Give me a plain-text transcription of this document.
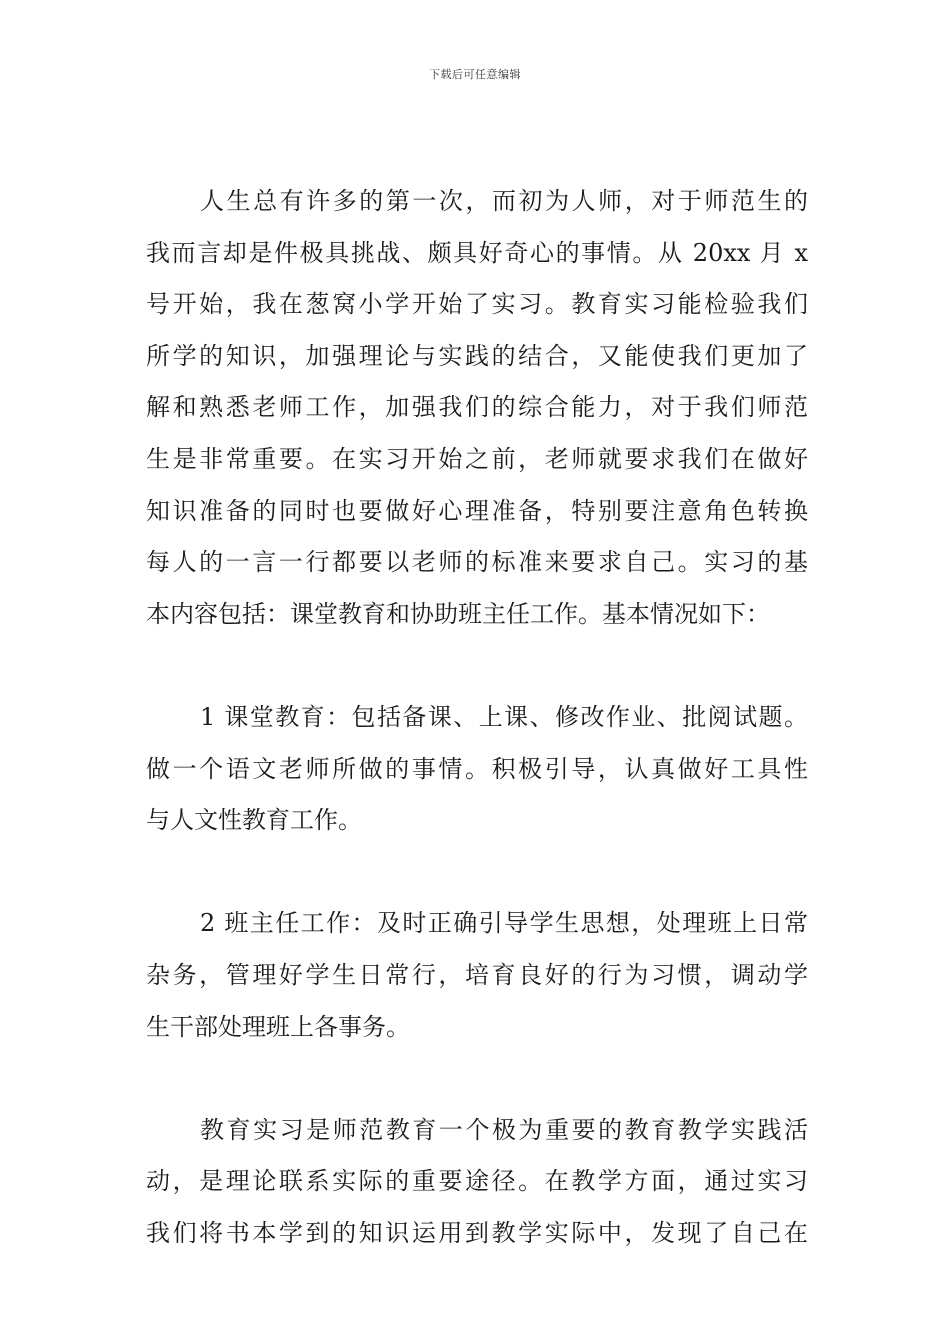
下载后可任意编辑
人生总有许多的第一次，而初为人师，对于师范生的
我而言却是件极具挑战、颇具好奇心的事情。从 20xx 月 x
号开始，我在葱窝小学开始了实习。教育实习能检验我们
所学的知识，加强理论与实践的结合，又能使我们更加了
解和熟悉老师工作，加强我们的综合能力，对于我们师范
生是非常重要。在实习开始之前，老师就要求我们在做好
知识准备的同时也要做好心理准备，特别要注意角色转换
每人的一言一行都要以老师的标准来要求自己。实习的基
本内容包括：课堂教育和协助班主任工作。基本情况如下：
1 课堂教育：包括备课、上课、修改作业、批阅试题。
做一个语文老师所做的事情。积极引导，认真做好工具性
与人文性教育工作。
2 班主任工作：及时正确引导学生思想，处理班上日常
杂务，管理好学生日常行，培育良好的行为习惯，调动学
生干部处理班上各事务。
教育实习是师范教育一个极为重要的教育教学实践活
动，是理论联系实际的重要途径。在教学方面，通过实习
我们将书本学到的知识运用到教学实际中，发现了自己在
